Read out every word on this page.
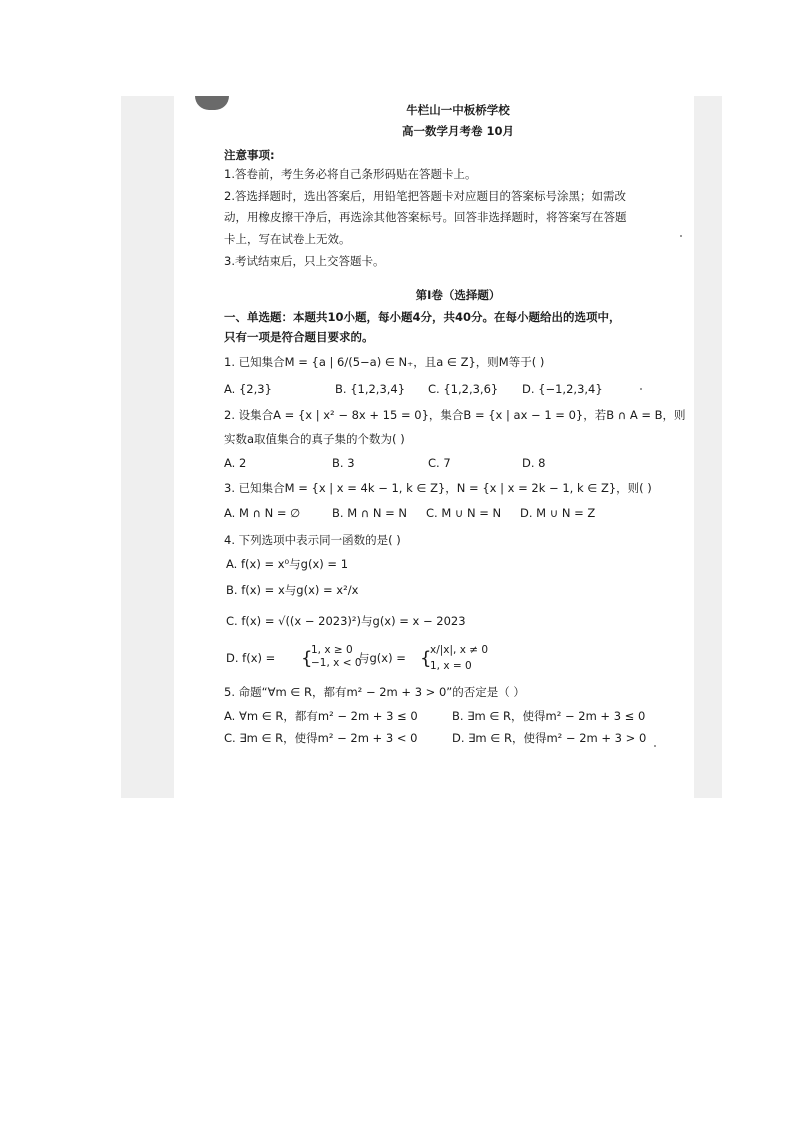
牛栏山一中板桥学校
高一数学月考卷 10月
注意事项:
1.答卷前，考生务必将自己条形码贴在答题卡上。
2.答选择题时，选出答案后，用铅笔把答题卡对应题目的答案标号涂黑；如需改
动，用橡皮擦干净后，再选涂其他答案标号。回答非选择题时，将答案写在答题
卡上，写在试卷上无效。
3.考试结束后，只上交答题卡。
第I卷（选择题）
一、单选题：本题共10小题，每小题4分，共40分。在每小题给出的选项中，
只有一项是符合题目要求的。
1. 已知集合M = {a | 6/(5−a) ∈ N₊，且a ∈ Z}，则M等于( )
A. {2,3}	B. {1,2,3,4} C. {1,2,3,6} D. {−1,2,3,4}
2. 设集合A = {x | x² − 8x + 15 = 0}，集合B = {x | ax − 1 = 0}，若B ∩ A = B，则
实数a取值集合的真子集的个数为( )
A. 2	B. 3	C. 7	D. 8
3. 已知集合M = {x | x = 4k − 1, k ∈ Z}，N = {x | x = 2k − 1, k ∈ Z}，则( )
A. M ∩ N = ∅	B. M ∩ N = N C. M ∪ N = N D. M ∪ N = Z
4. 下列选项中表示同一函数的是( )
A. f(x) = x⁰与g(x) = 1
B. f(x) = x与g(x) = x²/x
C. f(x) = √((x − 2023)²)与g(x) = x − 2023
D. f(x) = {
1, x ≥ 0
−1, x < 0
与g(x) = {
x/|x|, x ≠ 0
1, x = 0
5. 命题“∀m ∈ R，都有m² − 2m + 3 > 0”的否定是（ ）
A. ∀m ∈ R，都有m² − 2m + 3 ≤ 0	B. ∃m ∈ R，使得m² − 2m + 3 ≤ 0
C. ∃m ∈ R，使得m² − 2m + 3 < 0	D. ∃m ∈ R，使得m² − 2m + 3 > 0
